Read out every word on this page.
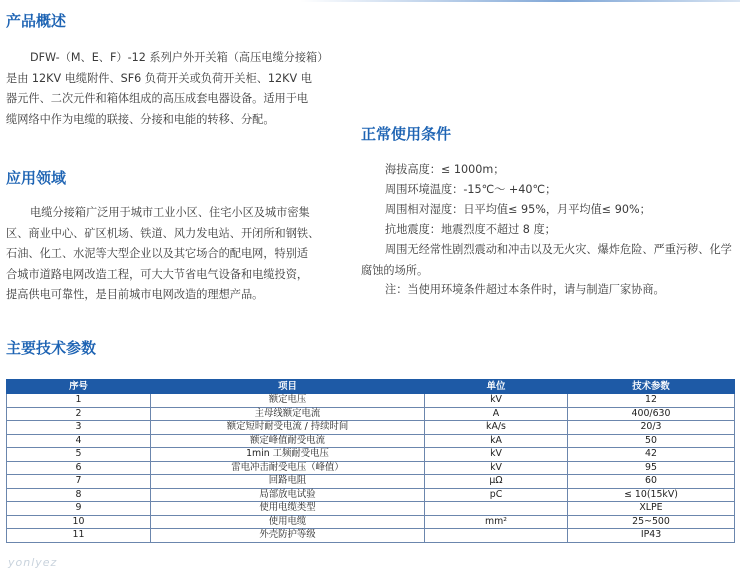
产品概述
DFW-（M、E、F）-12 系列户外开关箱（高压电缆分接箱）
是由 12KV 电缆附件、SF6 负荷开关或负荷开关柜、12KV 电
器元件、二次元件和箱体组成的高压成套电器设备。适用于电
缆网络中作为电缆的联接、分接和电能的转移、分配。
应用领域
电缆分接箱广泛用于城市工业小区、住宅小区及城市密集
区、商业中心、矿区机场、铁道、风力发电站、开闭所和钢铁、
石油、化工、水泥等大型企业以及其它场合的配电网，特别适
合城市道路电网改造工程，可大大节省电气设备和电缆投资，
提高供电可靠性，是目前城市电网改造的理想产品。
正常使用条件
海拔高度：≤ 1000m；
周围环境温度：-15℃～ +40℃；
周围相对湿度：日平均值≤ 95%，月平均值≤ 90%；
抗地震度：地震烈度不超过 8 度；
周围无经常性剧烈震动和冲击以及无火灾、爆炸危险、严重污秽、化学腐蚀的场所。
注：当使用环境条件超过本条件时，请与制造厂家协商。
主要技术参数
序号	项目	单位	技术参数
1	额定电压	kV	12
2	主母线额定电流	A	400/630
3	额定短时耐受电流 / 持续时间	kA/s	20/3
4	额定峰值耐受电流	kA	50
5	1min 工频耐受电压	kV	42
6	雷电冲击耐受电压（峰值）	kV	95
7	回路电阻	μΩ	60
8	局部放电试验	pC	≤ 10(15kV)
9	使用电缆类型		XLPE
10	使用电缆	mm²	25~500
11	外壳防护等级		IP43
yonlyez
